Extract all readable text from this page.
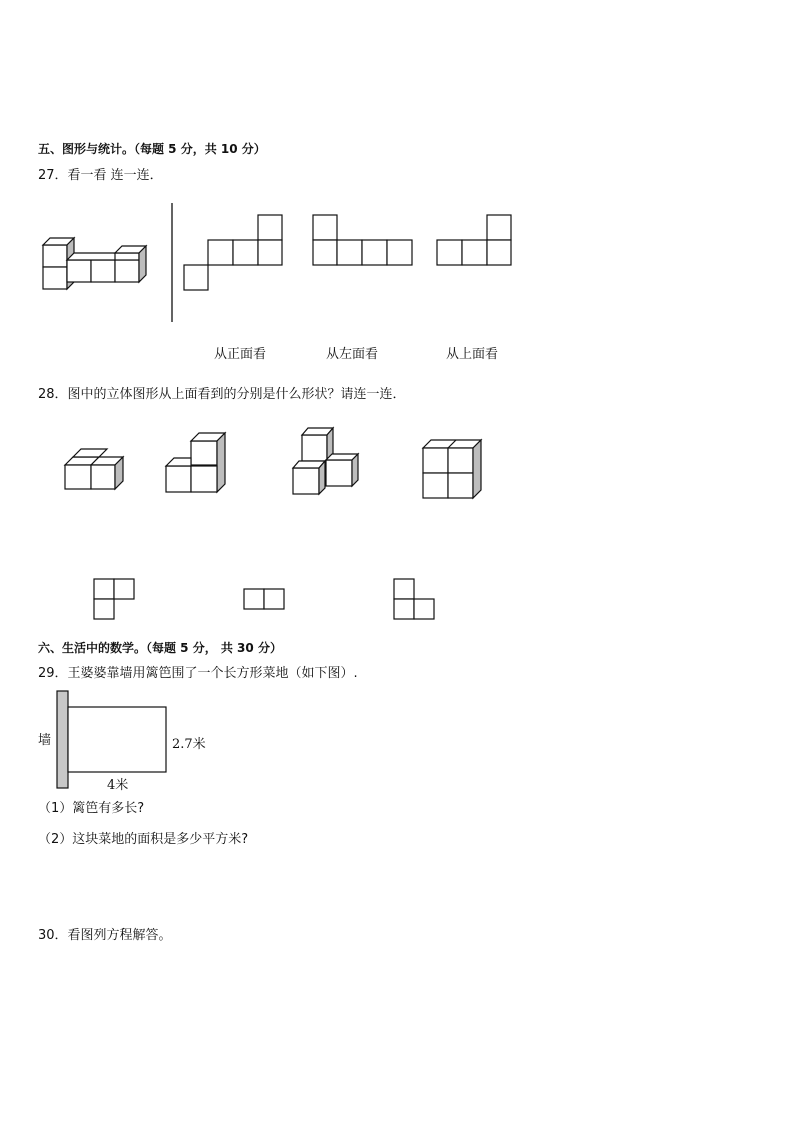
五、图形与统计。（每题 5 分，共 10 分）
27．看一看 连一连．
从正面看	从左面看	从上面看
28．图中的立体图形从上面看到的分别是什么形状？请连一连．
六、生活中的数学。（每题 5 分， 共 30 分）
29．王婆婆靠墙用篱笆围了一个长方形菜地（如下图）.
墙	2.7米
4米
（1）篱笆有多长?
（2）这块菜地的面积是多少平方米?
30．看图列方程解答。
